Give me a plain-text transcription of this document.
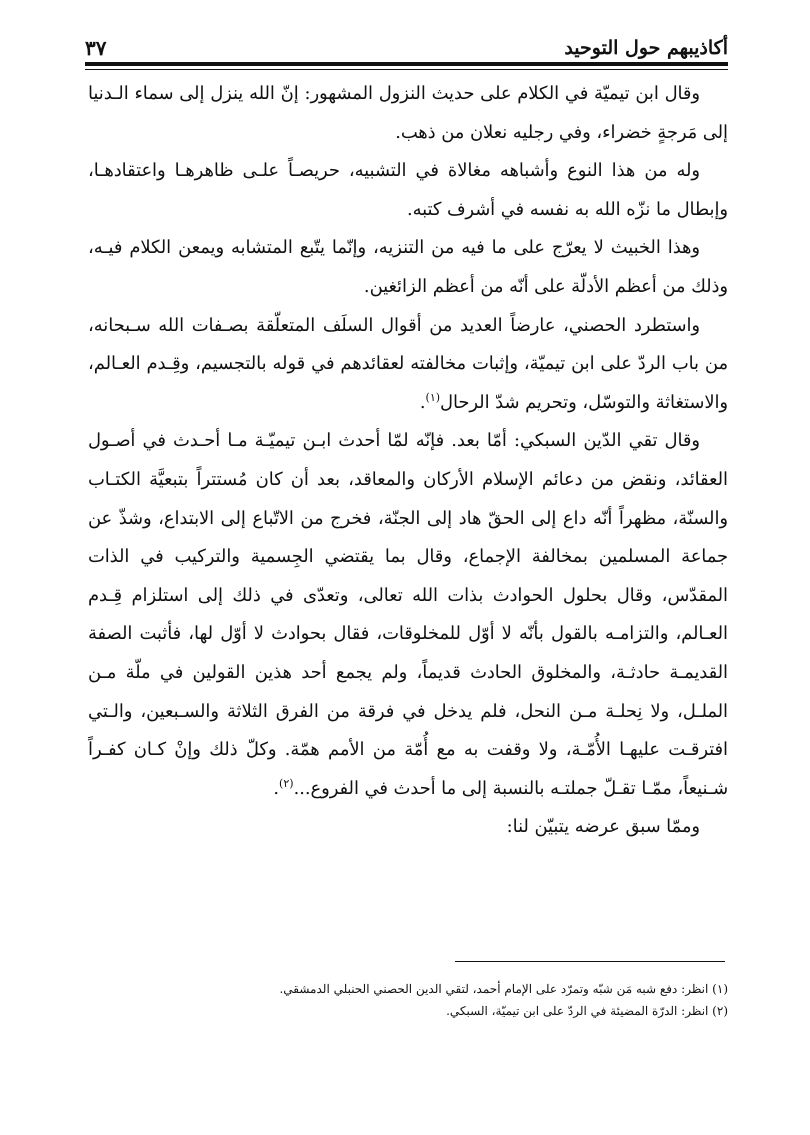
أكاذيبهم حول التوحيد
٣٧

وقال ابن تيميّة في الكلام على حديث النزول المشهور: إنّ الله ينزل إلى سماء الـدنيا إلى مَرجةٍ خضراء، وفي رجليه نعلان من ذهب.

وله من هذا النوع وأشباهه مغالاة في التشبيه، حريصـاً علـى ظاهرهـا واعتقادهـا، وإبطال ما نزّه الله به نفسه في أشرف كتبه.

وهذا الخبيث لا يعرّج على ما فيه من التنزيه، وإنّما يتّبع المتشابه ويمعن الكلام فيـه، وذلك من أعظم الأدلّة على أنّه من أعظم الزائغين.

واستطرد الحصني، عارضاً العديد من أقوال السلَف المتعلّقة بصـفات الله سـبحانه، من باب الردّ على ابن تيميّة، وإثبات مخالفته لعقائدهم في قوله بالتجسيم، وقِـدم العـالم، والاستغاثة والتوسّل، وتحريم شدّ الرحال$^{(١)}$.

وقال تقي الدّين السبكي: أمّا بعد. فإنّه لمّا أحدث ابـن تيميّـة مـا أحـدث في أصـول العقائد، ونقض من دعائم الإسلام الأركان والمعاقد، بعد أن كان مُستتراً بتبعيَّة الكتـاب والسنّة، مظهراً أنّه داع إلى الحقّ هاد إلى الجنّة، فخرج من الاتّباع إلى الابتداع، وشذّ عن جماعة المسلمين بمخالفة الإجماع، وقال بما يقتضي الجِسمية والتركيب في الذات المقدّس، وقال بحلول الحوادث بذات الله تعالى، وتعدّى في ذلك إلى استلزام قِـدم العـالم، والتزامـه بالقول بأنّه لا أوّل للمخلوقات، فقال بحوادث لا أوّل لها، فأثبت الصفة القديمـة حادثـة، والمخلوق الحادث قديماً، ولم يجمع أحد هذين القولين في ملّة مـن الملـل، ولا نِحلـة مـن النحل، فلم يدخل في فرقة من الفرق الثلاثة والسـبعين، والـتي افترقـت عليهـا الأُمّـة، ولا وقفت به مع أُمّة من الأمم همّة. وكلّ ذلك وإنْ كـان كفـراً شـنيعاً، ممّـا تقـلّ جملتـه بالنسبة إلى ما أحدث في الفروع...$^{(٢)}$.

وممّا سبق عرضه يتبيّن لنا:

(١) انظر: دفع شبه مَن شبّه وتمرّد على الإمام أحمد، لتقي الدين الحصني الحنبلي الدمشقي.

(٢) انظر: الدرّة المضيئة في الردّ على ابن تيميّة، السبكي.
